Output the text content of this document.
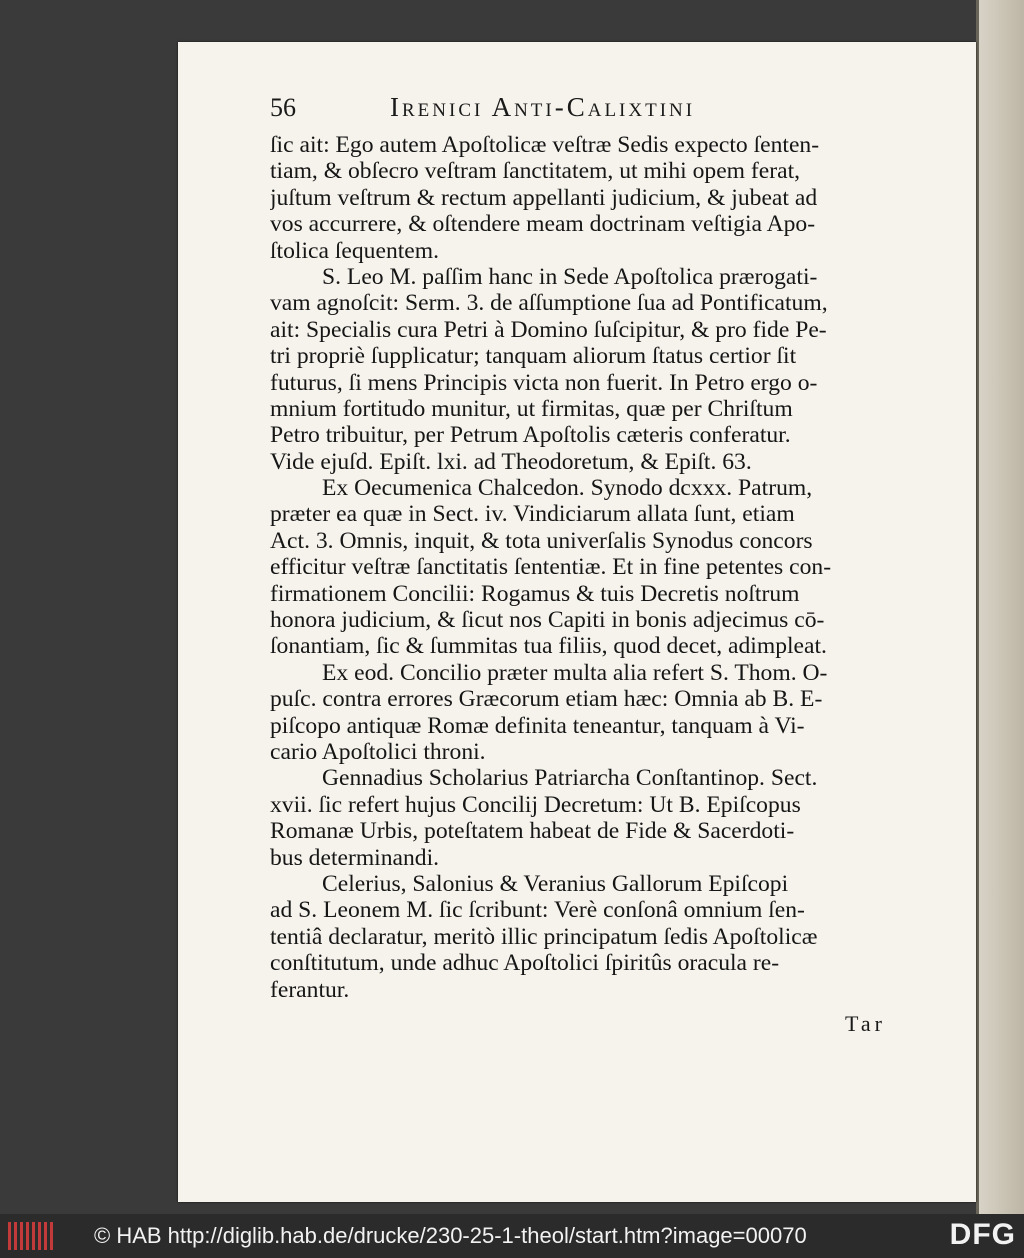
56	Irenici Anti-Calixtini
ſic ait: Ego autem Apoſtolicæ veſtræ Sedis expecto ſenten-
tiam, & obſecro veſtram ſanctitatem, ut mihi opem ferat,
juſtum veſtrum & rectum appellanti judicium, & jubeat ad
vos accurrere, & oſtendere meam doctrinam veſtigia Apo-
ſtolica ſequentem.
S. Leo M. paſſim hanc in Sede Apoſtolica prærogati-
vam agnoſcit: Serm. 3. de aſſumptione ſua ad Pontificatum,
ait: Specialis cura Petri à Domino ſuſcipitur, & pro fide Pe-
tri propriè ſupplicatur; tanquam aliorum ſtatus certior ſit
futurus, ſi mens Principis victa non fuerit. In Petro ergo o-
mnium fortitudo munitur, ut firmitas, quæ per Chriſtum
Petro tribuitur, per Petrum Apoſtolis cæteris conferatur.
Vide ejuſd. Epiſt. lxi. ad Theodoretum, & Epiſt. 63.
Ex Oecumenica Chalcedon. Synodo dcxxx. Patrum,
præter ea quæ in Sect. iv. Vindiciarum allata ſunt, etiam
Act. 3. Omnis, inquit, & tota univerſalis Synodus concors
efficitur veſtræ ſanctitatis ſententiæ. Et in fine petentes con-
firmationem Concilii: Rogamus & tuis Decretis noſtrum
honora judicium, & ſicut nos Capiti in bonis adjecimus cō-
ſonantiam, ſic & ſummitas tua filiis, quod decet, adimpleat.
Ex eod. Concilio præter multa alia refert S. Thom. O-
puſc. contra errores Græcorum etiam hæc: Omnia ab B. E-
piſcopo antiquæ Romæ definita teneantur, tanquam à Vi-
cario Apoſtolici throni.
Gennadius Scholarius Patriarcha Conſtantinop. Sect.
xvii. ſic refert hujus Concilij Decretum: Ut B. Epiſcopus
Romanæ Urbis, poteſtatem habeat de Fide & Sacerdoti-
bus determinandi.
Celerius, Salonius & Veranius Gallorum Epiſcopi
ad S. Leonem M. ſic ſcribunt: Verè conſonâ omnium ſen-
tentiâ declaratur, meritò illic principatum ſedis Apoſtolicæ
conſtitutum, unde adhuc Apoſtolici ſpiritûs oracula re-
ferantur.
Tar
© HAB http://diglib.hab.de/drucke/230-25-1-theol/start.htm?image=00070	DFG
